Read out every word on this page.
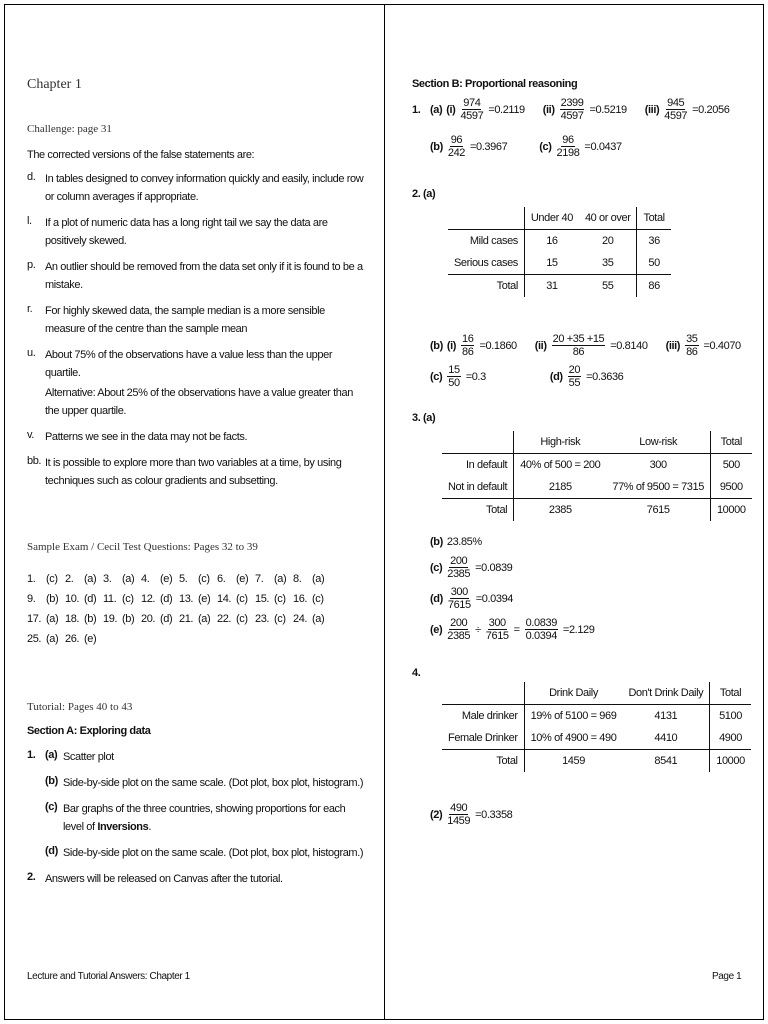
Chapter 1
Challenge: page 31
The corrected versions of the false statements are:
d. In tables designed to convey information quickly and easily, include row or column averages if appropriate.
l.	If a plot of numeric data has a long right tail we say the data are positively skewed.
p. An outlier should be removed from the data set only if it is found to be a mistake.
r.	For highly skewed data, the sample median is a more sensible measure of the centre than the sample mean
u. About 75% of the observations have a value less than the upper quartile.
Alternative: About 25% of the observations have a value greater than the upper quartile.
v.	Patterns we see in the data may not be facts.
bb. It is possible to explore more than two variables at a time, by using techniques such as colour gradients and subsetting.
Sample Exam / Cecil Test Questions: Pages 32 to 39
1. (c) 2. (a) 3. (a) 4. (e) 5. (c) 6. (e) 7. (a) 8. (a)
9. (b) 10. (d) 11. (c) 12. (d) 13. (e) 14. (c) 15. (c) 16. (c)
17. (a) 18. (b) 19. (b) 20. (d) 21. (a) 22. (c) 23. (c) 24. (a)
25. (a) 26. (e)
Tutorial: Pages 40 to 43
Section A: Exploring data
1. (a) Scatter plot
(b) Side-by-side plot on the same scale. (Dot plot, box plot, histogram.)
(c) Bar graphs of the three countries, showing proportions for each level of Inversions.
(d) Side-by-side plot on the same scale. (Dot plot, box plot, histogram.)
2. Answers will be released on Canvas after the tutorial.
Lecture and Tutorial Answers: Chapter 1	Page 1
Section B: Proportional reasoning
1. (a) $(i) \frac{974}{4597} =0.2119$ $(ii) \frac{2399}{4597} =0.5219$ $(iii) \frac{945}{4597} =0.2056$
$(b) \frac{96}{242} =0.3967$	$(c) \frac{96}{2198} =0.0437$
2. (a)
	Under 40	40 or over	Total
Mild cases	16	20	36
Serious cases	15	35	50
Total	31	55	86
(b) $(i) \frac{16}{86} =0.1860$ $(ii) \frac{20 +35 +15}{86} =0.8140$ $(iii) \frac{35}{86} =0.4070$
$(c) \frac{15}{50} =0.3$	$(d) \frac{20}{55} =0.3636$
3. (a)
	High-risk	Low-risk	Total
In default	40% of 500 = 200	300	500
Not in default	2185	77% of 9500 = 7315	9500
Total	2385	7615	10000
(b) 23.85%
$(c) \frac{200}{2385} =0.0839$
$(d) \frac{300}{7615} =0.0394$
$(e) \frac{200}{2385} \div \frac{300}{7615} = \frac{0.0839}{0.0394} =2.129$
4.
	Drink Daily	Don't Drink Daily	Total
Male drinker	19% of 5100 = 969	4131	5100
Female Drinker	10% of 4900 = 490	4410	4900
Total	1459	8541	10000
$(2) \frac{490}{1459} =0.3358$
